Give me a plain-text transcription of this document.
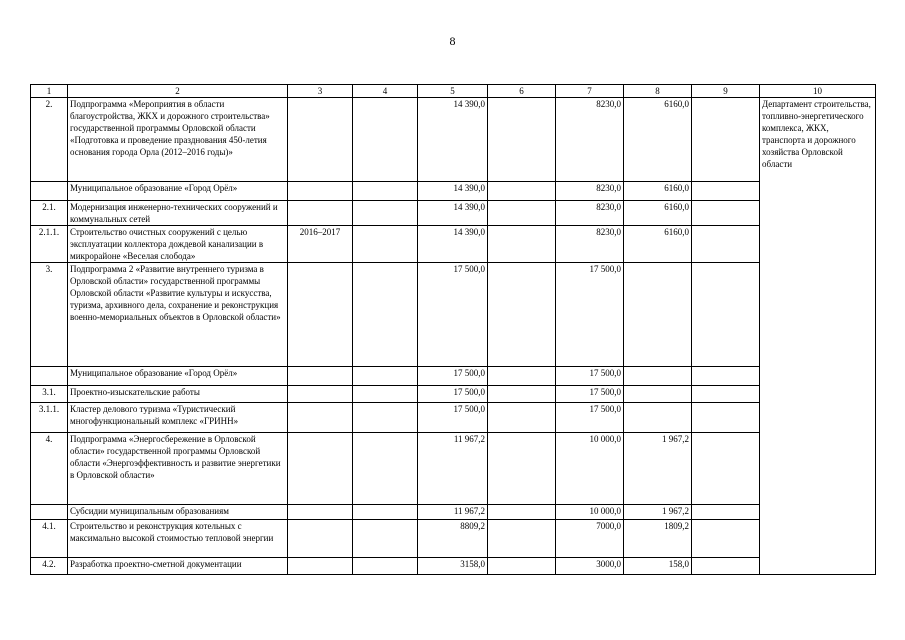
8
1	2	3	4	5	6	7	8	9	10
2.	Подпрограмма «Мероприятия в области благоустройства, ЖКХ и дорожного строительства» государственной программы Орловской области «Подготовка и проведение празднования 450-летия основания города Орла (2012–2016 годы)»			14 390,0		8230,0	6160,0		Департамент строительства, топливно-энергетического комплекса, ЖКХ, транспорта и дорожного хозяйства Орловской области
	Муниципальное образование «Город Орёл»			14 390,0		8230,0	6160,0		
2.1.	Модернизация инженерно-технических сооружений и коммунальных сетей			14 390,0		8230,0	6160,0		
2.1.1.	Строительство очистных сооружений с целью эксплуатации коллектора дождевой канализации в микрорайоне «Веселая слобода»	2016–2017		14 390,0		8230,0	6160,0		
3.	Подпрограмма 2 «Развитие внутреннего туризма в Орловской области» государственной программы Орловской области «Развитие культуры и искусства, туризма, архивного дела, сохранение и реконструкция военно-мемориальных объектов в Орловской области»			17 500,0		17 500,0			
	Муниципальное образование «Город Орёл»			17 500,0		17 500,0			
3.1.	Проектно-изыскательские работы			17 500,0		17 500,0			
3.1.1.	Кластер делового туризма «Туристический многофункциональный комплекс «ГРИНН»			17 500,0		17 500,0			
4.	Подпрограмма «Энергосбережение в Орловской области» государственной программы Орловской области «Энергоэффективность и развитие энергетики в Орловской области»			11 967,2		10 000,0	1 967,2		
	Субсидии муниципальным образованиям			11 967,2		10 000,0	1 967,2		
4.1.	Строительство и реконструкция котельных с максимально высокой стоимостью тепловой энергии			8809,2		7000,0	1809,2		
4.2.	Разработка проектно-сметной документации			3158,0		3000,0	158,0		
